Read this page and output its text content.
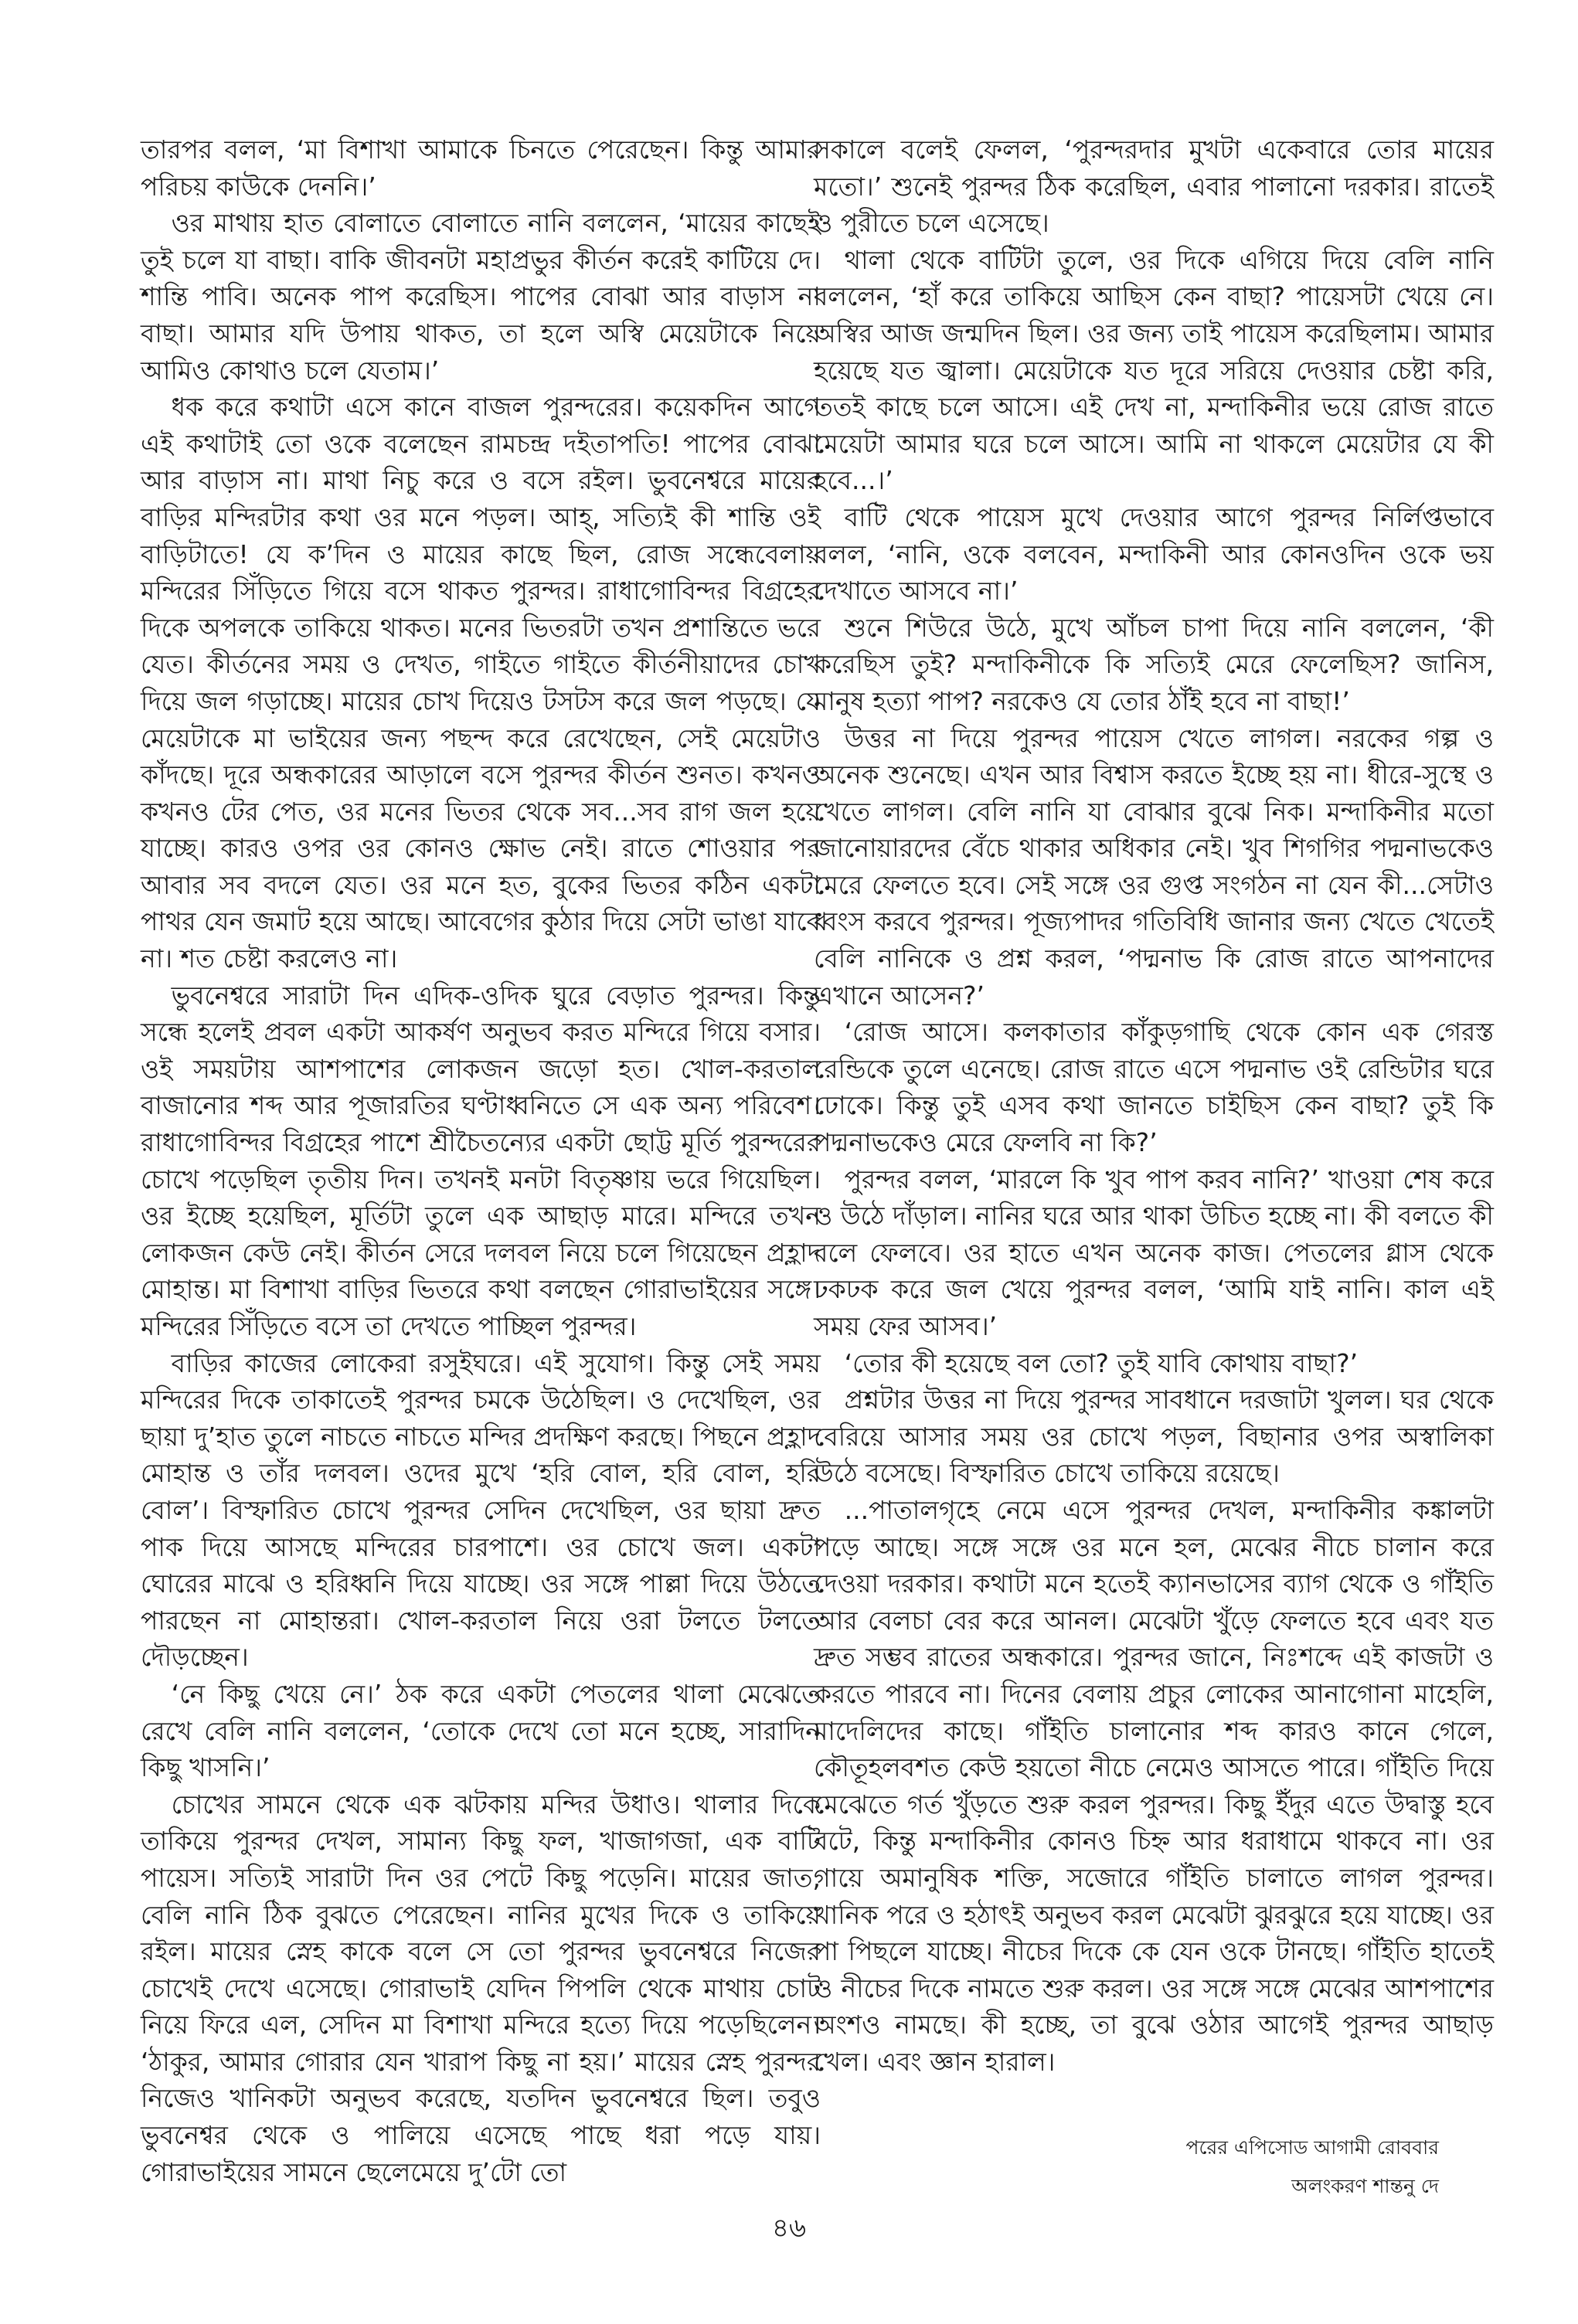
তারপর বলল, ‘মা বিশাখা আমাকে চিনতে পেরেছেন। কিন্তু আমার পরিচয় কাউকে দেননি।’

ওর মাথায় হাত বোলাতে বোলাতে নানি বললেন, ‘মায়ের কাছেই তুই চলে যা বাছা। বাকি জীবনটা মহাপ্রভুর কীর্তন করেই কাটিয়ে দে। শান্তি পাবি। অনেক পাপ করেছিস। পাপের বোঝা আর বাড়াস না বাছা। আমার যদি উপায় থাকত, তা হলে অস্বি মেয়েটাকে নিয়ে আমিও কোথাও চলে যেতাম।’

ধক করে কথাটা এসে কানে বাজল পুরন্দরের। কয়েকদিন আগে এই কথাটাই তো ওকে বলেছেন রামচন্দ্র দইতাপতি! পাপের বোঝা আর বাড়াস না। মাথা নিচু করে ও বসে রইল। ভুবনেশ্বরে মায়ের বাড়ির মন্দিরটার কথা ওর মনে পড়ল। আহ্‌, সত্যিই কী শান্তি ওই বাড়িটাতে! যে ক’দিন ও মায়ের কাছে ছিল, রোজ সন্ধেবেলায় মন্দিরের সিঁড়িতে গিয়ে বসে থাকত পুরন্দর। রাধাগোবিন্দর বিগ্রহের দিকে অপলকে তাকিয়ে থাকত। মনের ভিতরটা তখন প্রশান্তিতে ভরে যেত। কীর্তনের সময় ও দেখত, গাইতে গাইতে কীর্তনীয়াদের চোখ দিয়ে জল গড়াচ্ছে। মায়ের চোখ দিয়েও টসটস করে জল পড়ছে। যে মেয়েটাকে মা ভাইয়ের জন্য পছন্দ করে রেখেছেন, সেই মেয়েটাও কাঁদছে। দূরে অন্ধকারের আড়ালে বসে পুরন্দর কীর্তন শুনত। কখনও কখনও টের পেত, ওর মনের ভিতর থেকে সব...সব রাগ জল হয়ে যাচ্ছে। কারও ওপর ওর কোনও ক্ষোভ নেই। রাতে শোওয়ার পর আবার সব বদলে যেত। ওর মনে হত, বুকের ভিতর কঠিন একটা পাথর যেন জমাট হয়ে আছে। আবেগের কুঠার দিয়ে সেটা ভাঙা যাবে না। শত চেষ্টা করলেও না।

ভুবনেশ্বরে সারাটা দিন এদিক-ওদিক ঘুরে বেড়াত পুরন্দর। কিন্তু সন্ধে হলেই প্রবল একটা আকর্ষণ অনুভব করত মন্দিরে গিয়ে বসার। ওই সময়টায় আশপাশের লোকজন জড়ো হত। খোল-করতাল বাজানোর শব্দ আর পূজারতির ঘণ্টাধ্বনিতে সে এক অন্য পরিবেশ। রাধাগোবিন্দর বিগ্রহের পাশে শ্রীচৈতন্যের একটা ছোট্ট মূর্তি পুরন্দরের চোখে পড়েছিল তৃতীয় দিন। তখনই মনটা বিতৃষ্ণায় ভরে গিয়েছিল। ওর ইচ্ছে হয়েছিল, মূর্তিটা তুলে এক আছাড় মারে। মন্দিরে তখন লোকজন কেউ নেই। কীর্তন সেরে দলবল নিয়ে চলে গিয়েছেন প্রহ্লাদ মোহান্ত। মা বিশাখা বাড়ির ভিতরে কথা বলছেন গোরাভাইয়ের সঙ্গে। মন্দিরের সিঁড়িতে বসে তা দেখতে পাচ্ছিল পুরন্দর।

বাড়ির কাজের লোকেরা রসুইঘরে। এই সুযোগ। কিন্তু সেই সময় মন্দিরের দিকে তাকাতেই পুরন্দর চমকে উঠেছিল। ও দেখেছিল, ওর ছায়া দু’হাত তুলে নাচতে নাচতে মন্দির প্রদক্ষিণ করছে। পিছনে প্রহ্লাদ মোহান্ত ও তাঁর দলবল। ওদের মুখে ‘হরি বোল, হরি বোল, হরি বোল’। বিস্ফারিত চোখে পুরন্দর সেদিন দেখেছিল, ওর ছায়া দ্রুত পাক দিয়ে আসছে মন্দিরের চারপাশে। ওর চোখে জল। একটা ঘোরের মাঝে ও হরিধ্বনি দিয়ে যাচ্ছে। ওর সঙ্গে পাল্লা দিয়ে উঠতে পারছেন না মোহান্তরা। খোল-করতাল নিয়ে ওরা টলতে টলতে দৌড়চ্ছেন।

‘নে কিছু খেয়ে নে।’ ঠক করে একটা পেতলের থালা মেঝেতে রেখে বেলি নানি বললেন, ‘তোকে দেখে তো মনে হচ্ছে, সারাদিন কিছু খাসনি।’

চোখের সামনে থেকে এক ঝটকায় মন্দির উধাও। থালার দিকে তাকিয়ে পুরন্দর দেখল, সামান্য কিছু ফল, খাজাগজা, এক বাটি পায়েস। সত্যিই সারাটা দিন ওর পেটে কিছু পড়েনি। মায়ের জাত, বেলি নানি ঠিক বুঝতে পেরেছেন। নানির মুখের দিকে ও তাকিয়ে রইল। মায়ের স্নেহ কাকে বলে সে তো পুরন্দর ভুবনেশ্বরে নিজের চোখেই দেখে এসেছে। গোরাভাই যেদিন পিপলি থেকে মাথায় চোট নিয়ে ফিরে এল, সেদিন মা বিশাখা মন্দিরে হত্যে দিয়ে পড়েছিলেন। ‘ঠাকুর, আমার গোরার যেন খারাপ কিছু না হয়।’ মায়ের স্নেহ পুরন্দর নিজেও খানিকটা অনুভব করেছে, যতদিন ভুবনেশ্বরে ছিল। তবুও ভুবনেশ্বর থেকে ও পালিয়ে এসেছে পাছে ধরা পড়ে যায়। গোরাভাইয়ের সামনে ছেলেমেয়ে দু’টো তো

সকালে বলেই ফেলল, ‘পুরন্দরদার মুখটা একেবারে তোর মায়ের মতো।’ শুনেই পুরন্দর ঠিক করেছিল, এবার পালানো দরকার। রাতেই ও পুরীতে চলে এসেছে।

থালা থেকে বাটিটা তুলে, ওর দিকে এগিয়ে দিয়ে বেলি নানি বললেন, ‘হাঁ করে তাকিয়ে আছিস কেন বাছা? পায়েসটা খেয়ে নে। অস্বির আজ জন্মদিন ছিল। ওর জন্য তাই পায়েস করেছিলাম। আমার হয়েছে যত জ্বালা। মেয়েটাকে যত দূরে সরিয়ে দেওয়ার চেষ্টা করি, ততই কাছে চলে আসে। এই দেখ না, মন্দাকিনীর ভয়ে রোজ রাতে মেয়েটা আমার ঘরে চলে আসে। আমি না থাকলে মেয়েটার যে কী হবে...।’

বাটি থেকে পায়েস মুখে দেওয়ার আগে পুরন্দর নির্লিপ্তভাবে বলল, ‘নানি, ওকে বলবেন, মন্দাকিনী আর কোনওদিন ওকে ভয় দেখাতে আসবে না।’

শুনে শিউরে উঠে, মুখে আঁচল চাপা দিয়ে নানি বললেন, ‘কী করেছিস তুই? মন্দাকিনীকে কি সত্যিই মেরে ফেলেছিস? জানিস, মানুষ হত্যা পাপ? নরকেও যে তোর ঠাঁই হবে না বাছা!’

উত্তর না দিয়ে পুরন্দর পায়েস খেতে লাগল। নরকের গল্প ও অনেক শুনেছে। এখন আর বিশ্বাস করতে ইচ্ছে হয় না। ধীরে-সুস্থে ও খেতে লাগল। বেলি নানি যা বোঝার বুঝে নিক। মন্দাকিনীর মতো জানোয়ারদের বেঁচে থাকার অধিকার নেই। খুব শিগগির পদ্মনাভকেও মেরে ফেলতে হবে। সেই সঙ্গে ওর গুপ্ত সংগঠন না যেন কী...সেটাও ধ্বংস করবে পুরন্দর। পূজ্যপাদর গতিবিধি জানার জন্য খেতে খেতেই বেলি নানিকে ও প্রশ্ন করল, ‘পদ্মনাভ কি রোজ রাতে আপনাদের এখানে আসেন?’

‘রোজ আসে। কলকাতার কাঁকুড়গাছি থেকে কোন এক গেরস্ত রেন্ডিকে তুলে এনেছে। রোজ রাতে এসে পদ্মনাভ ওই রেন্ডিটার ঘরে ঢোকে। কিন্তু তুই এসব কথা জানতে চাইছিস কেন বাছা? তুই কি পদ্মনাভকেও মেরে ফেলবি না কি?’

পুরন্দর বলল, ‘মারলে কি খুব পাপ করব নানি?’ খাওয়া শেষ করে ও উঠে দাঁড়াল। নানির ঘরে আর থাকা উচিত হচ্ছে না। কী বলতে কী বলে ফেলবে। ওর হাতে এখন অনেক কাজ। পেতলের গ্লাস থেকে ঢকঢক করে জল খেয়ে পুরন্দর বলল, ‘আমি যাই নানি। কাল এই সময় ফের আসব।’

‘তোর কী হয়েছে বল তো? তুই যাবি কোথায় বাছা?’

প্রশ্নটার উত্তর না দিয়ে পুরন্দর সাবধানে দরজাটা খুলল। ঘর থেকে বেরিয়ে আসার সময় ওর চোখে পড়ল, বিছানার ওপর অস্বালিকা উঠে বসেছে। বিস্ফারিত চোখে তাকিয়ে রয়েছে।

...পাতালগৃহে নেমে এসে পুরন্দর দেখল, মন্দাকিনীর কঙ্কালটা পড়ে আছে। সঙ্গে সঙ্গে ওর মনে হল, মেঝের নীচে চালান করে দেওয়া দরকার। কথাটা মনে হতেই ক্যানভাসের ব্যাগ থেকে ও গাঁইতি আর বেলচা বের করে আনল। মেঝেটা খুঁড়ে ফেলতে হবে এবং যত দ্রুত সম্ভব রাতের অন্ধকারে। পুরন্দর জানে, নিঃশব্দে এই কাজটা ও করতে পারবে না। দিনের বেলায় প্রচুর লোকের আনাগোনা মাহেলি, মাদেলিদের কাছে। গাঁইতি চালানোর শব্দ কারও কানে গেলে, কৌতূহলবশত কেউ হয়তো নীচে নেমেও আসতে পারে। গাঁইতি দিয়ে মেঝেতে গর্ত খুঁড়তে শুরু করল পুরন্দর। কিছু ইঁদুর এতে উদ্বাস্তু হবে বটে, কিন্তু মন্দাকিনীর কোনও চিহ্ন আর ধরাধামে থাকবে না। ওর গায়ে অমানুষিক শক্তি, সজোরে গাঁইতি চালাতে লাগল পুরন্দর। খানিক পরে ও হঠাৎই অনুভব করল মেঝেটা ঝুরঝুরে হয়ে যাচ্ছে। ওর পা পিছলে যাচ্ছে। নীচের দিকে কে যেন ওকে টানছে। গাঁইতি হাতেই ও নীচের দিকে নামতে শুরু করল। ওর সঙ্গে সঙ্গে মেঝের আশপাশের অংশও নামছে। কী হচ্ছে, তা বুঝে ওঠার আগেই পুরন্দর আছাড় খেল। এবং জ্ঞান হারাল।

পরের এপিসোড আগামী রোববার
অলংকরণ শান্তনু দে
৪৬
